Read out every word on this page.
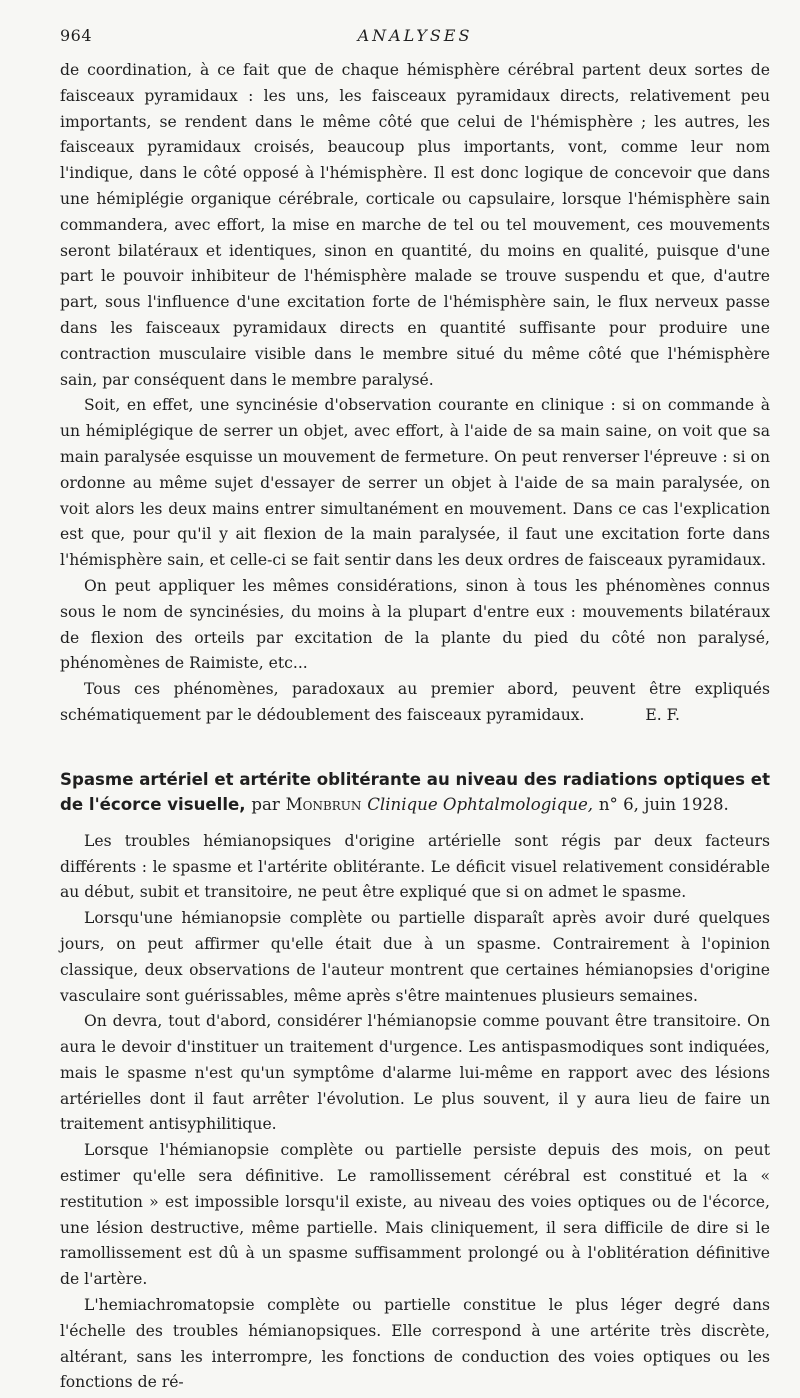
964	ANALYSES

de coordination, à ce fait que de chaque hémisphère cérébral partent deux sortes de faisceaux pyramidaux : les uns, les faisceaux pyramidaux directs, relativement peu importants, se rendent dans le même côté que celui de l'hémisphère ; les autres, les faisceaux pyramidaux croisés, beaucoup plus importants, vont, comme leur nom l'indique, dans le côté opposé à l'hémisphère. Il est donc logique de concevoir que dans une hémiplégie organique cérébrale, corticale ou capsulaire, lorsque l'hémisphère sain commandera, avec effort, la mise en marche de tel ou tel mouvement, ces mouvements seront bilatéraux et identiques, sinon en quantité, du moins en qualité, puisque d'une part le pouvoir inhibiteur de l'hémisphère malade se trouve suspendu et que, d'autre part, sous l'influence d'une excitation forte de l'hémisphère sain, le flux nerveux passe dans les faisceaux pyramidaux directs en quantité suffisante pour produire une contraction musculaire visible dans le membre situé du même côté que l'hémisphère sain, par conséquent dans le membre paralysé.

Soit, en effet, une syncinésie d'observation courante en clinique : si on commande à un hémiplégique de serrer un objet, avec effort, à l'aide de sa main saine, on voit que sa main paralysée esquisse un mouvement de fermeture. On peut renverser l'épreuve : si on ordonne au même sujet d'essayer de serrer un objet à l'aide de sa main paralysée, on voit alors les deux mains entrer simultanément en mouvement. Dans ce cas l'explication est que, pour qu'il y ait flexion de la main paralysée, il faut une excitation forte dans l'hémisphère sain, et celle-ci se fait sentir dans les deux ordres de faisceaux pyramidaux.

On peut appliquer les mêmes considérations, sinon à tous les phénomènes connus sous le nom de syncinésies, du moins à la plupart d'entre eux : mouvements bilatéraux de flexion des orteils par excitation de la plante du pied du côté non paralysé, phénomènes de Raimiste, etc...

Tous ces phénomènes, paradoxaux au premier abord, peuvent être expliqués schématiquement par le dédoublement des faisceaux pyramidaux.	E. F.

Spasme artériel et artérite oblitérante au niveau des radiations optiques et de l'écorce visuelle, par Monbrun Clinique Ophtalmologique, n° 6, juin 1928.

Les troubles hémianopsiques d'origine artérielle sont régis par deux facteurs différents : le spasme et l'artérite oblitérante. Le déficit visuel relativement considérable au début, subit et transitoire, ne peut être expliqué que si on admet le spasme.

Lorsqu'une hémianopsie complète ou partielle disparaît après avoir duré quelques jours, on peut affirmer qu'elle était due à un spasme. Contrairement à l'opinion classique, deux observations de l'auteur montrent que certaines hémianopsies d'origine vasculaire sont guérissables, même après s'être maintenues plusieurs semaines.

On devra, tout d'abord, considérer l'hémianopsie comme pouvant être transitoire. On aura le devoir d'instituer un traitement d'urgence. Les antispasmodiques sont indiquées, mais le spasme n'est qu'un symptôme d'alarme lui-même en rapport avec des lésions artérielles dont il faut arrêter l'évolution. Le plus souvent, il y aura lieu de faire un traitement antisyphilitique.

Lorsque l'hémianopsie complète ou partielle persiste depuis des mois, on peut estimer qu'elle sera définitive. Le ramollissement cérébral est constitué et la « restitution » est impossible lorsqu'il existe, au niveau des voies optiques ou de l'écorce, une lésion destructive, même partielle. Mais cliniquement, il sera difficile de dire si le ramollissement est dû à un spasme suffisamment prolongé ou à l'oblitération définitive de l'artère.

L'hemiachromatopsie complète ou partielle constitue le plus léger degré dans l'échelle des troubles hémianopsiques. Elle correspond à une artérite très discrète, altérant, sans les interrompre, les fonctions de conduction des voies optiques ou les fonctions de ré-
